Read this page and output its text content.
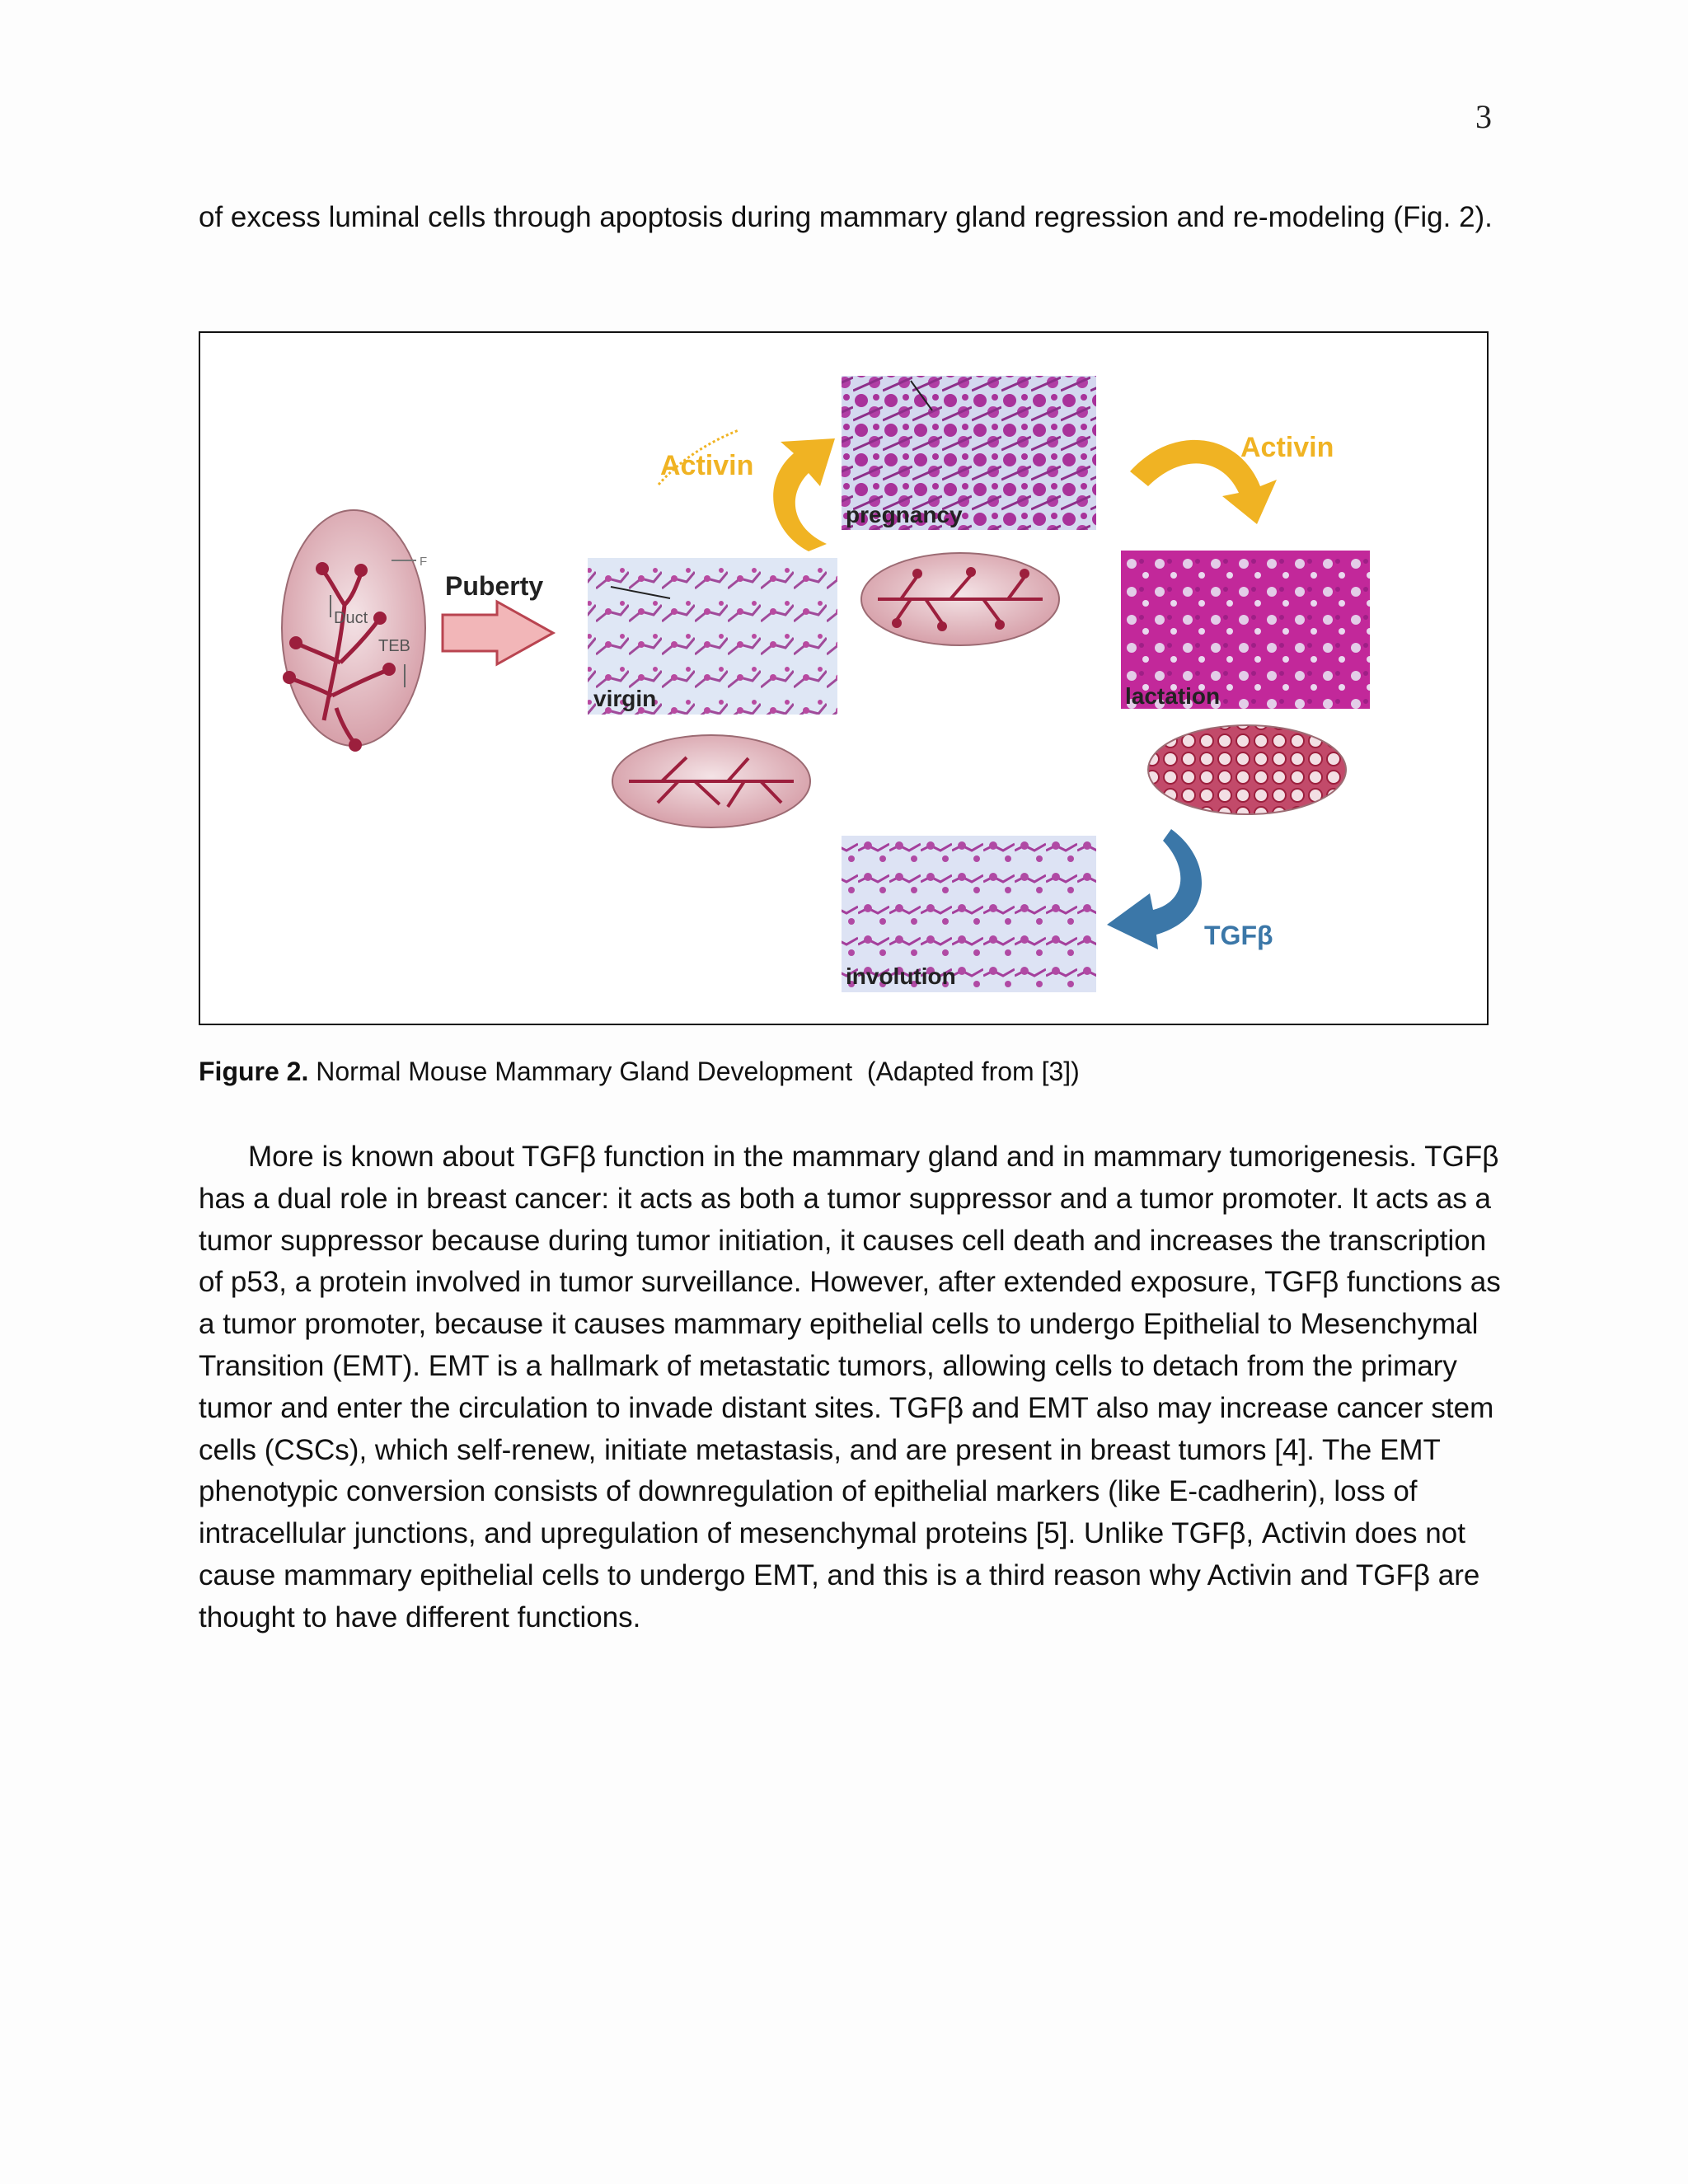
3

of excess luminal cells through apoptosis during mammary gland regression and re-modeling (Fig. 2).

Duct
TEB
F
Puberty
virgin
Activin
pregnancy
Activin
lactation
TGFβ
involution
Figure 2. Normal Mouse Mammary Gland Development  (Adapted from [3])

More is known about TGFβ function in the mammary gland and in mammary tumorigenesis. TGFβ has a dual role in breast cancer: it acts as both a tumor suppressor and a tumor promoter. It acts as a tumor suppressor because during tumor initiation, it causes cell death and increases the transcription of p53, a protein involved in tumor surveillance. However, after extended exposure, TGFβ functions as a tumor promoter, because it causes mammary epithelial cells to undergo Epithelial to Mesenchymal Transition (EMT). EMT is a hallmark of metastatic tumors, allowing cells to detach from the primary tumor and enter the circulation to invade distant sites. TGFβ and EMT also may increase cancer stem cells (CSCs), which self-renew, initiate metastasis, and are present in breast tumors [4]. The EMT phenotypic conversion consists of downregulation of epithelial markers (like E-cadherin), loss of intracellular junctions, and upregulation of mesenchymal proteins [5]. Unlike TGFβ, Activin does not cause mammary epithelial cells to undergo EMT, and this is a third reason why Activin and TGFβ are thought to have different functions.
